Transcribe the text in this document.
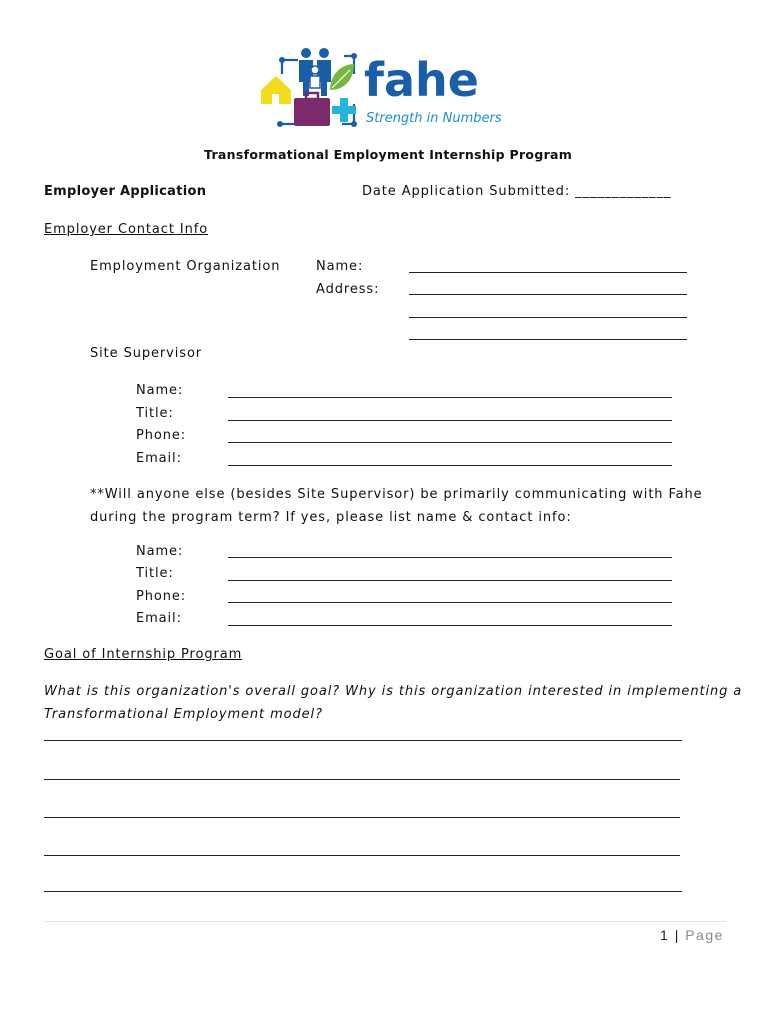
fahe
Strength in Numbers
Transformational Employment Internship Program
Employer Application	Date Application Submitted: _____________
Employer Contact Info
Employment Organization	Name:
Address:
Site Supervisor
Name:
Title:
Phone:
Email:
**Will anyone else (besides Site Supervisor) be primarily communicating with Fahe
during the program term? If yes, please list name & contact info:
Name:
Title:
Phone:
Email:
Goal of Internship Program
What is this organization's overall goal? Why is this organization interested in implementing a
Transformational Employment model?
1 | Page
